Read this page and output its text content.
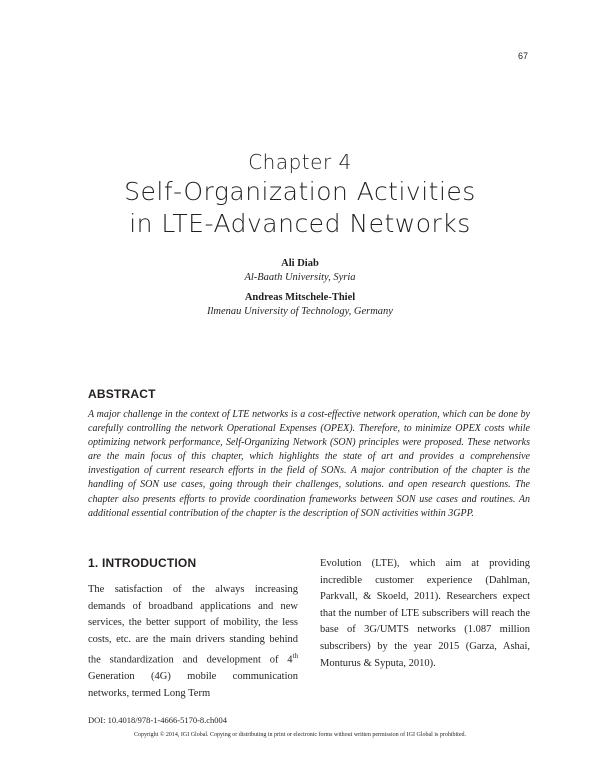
67
Chapter 4
Self-Organization Activities
in LTE-Advanced Networks
Ali Diab
Al-Baath University, Syria
Andreas Mitschele-Thiel
Ilmenau University of Technology, Germany
ABSTRACT

A major challenge in the context of LTE networks is a cost-effective network operation, which can be done by carefully controlling the network Operational Expenses (OPEX). Therefore, to minimize OPEX costs while optimizing network performance, Self-Organizing Network (SON) principles were proposed. These networks are the main focus of this chapter, which highlights the state of art and provides a comprehensive investigation of current research efforts in the field of SONs. A major contribution of the chapter is the handling of SON use cases, going through their challenges, solutions. and open research questions. The chapter also presents efforts to provide coordination frameworks between SON use cases and routines. An additional essential contribution of the chapter is the description of SON activities within 3GPP.

1. INTRODUCTION

The satisfaction of the always increasing demands of broadband applications and new services, the better support of mobility, the less costs, etc. are the main drivers standing behind the standardization and development of 4th Generation (4G) mobile communication networks, termed Long Term

Evolution (LTE), which aim at providing incredible customer experience (Dahlman, Parkvall, & Skoeld, 2011). Researchers expect that the number of LTE subscribers will reach the base of 3G/UMTS networks (1.087 million subscribers) by the year 2015 (Garza, Ashai, Monturus & Syputa, 2010).

DOI: 10.4018/978-1-4666-5170-8.ch004
Copyright © 2014, IGI Global. Copying or distributing in print or electronic forms without written permission of IGI Global is prohibited.
